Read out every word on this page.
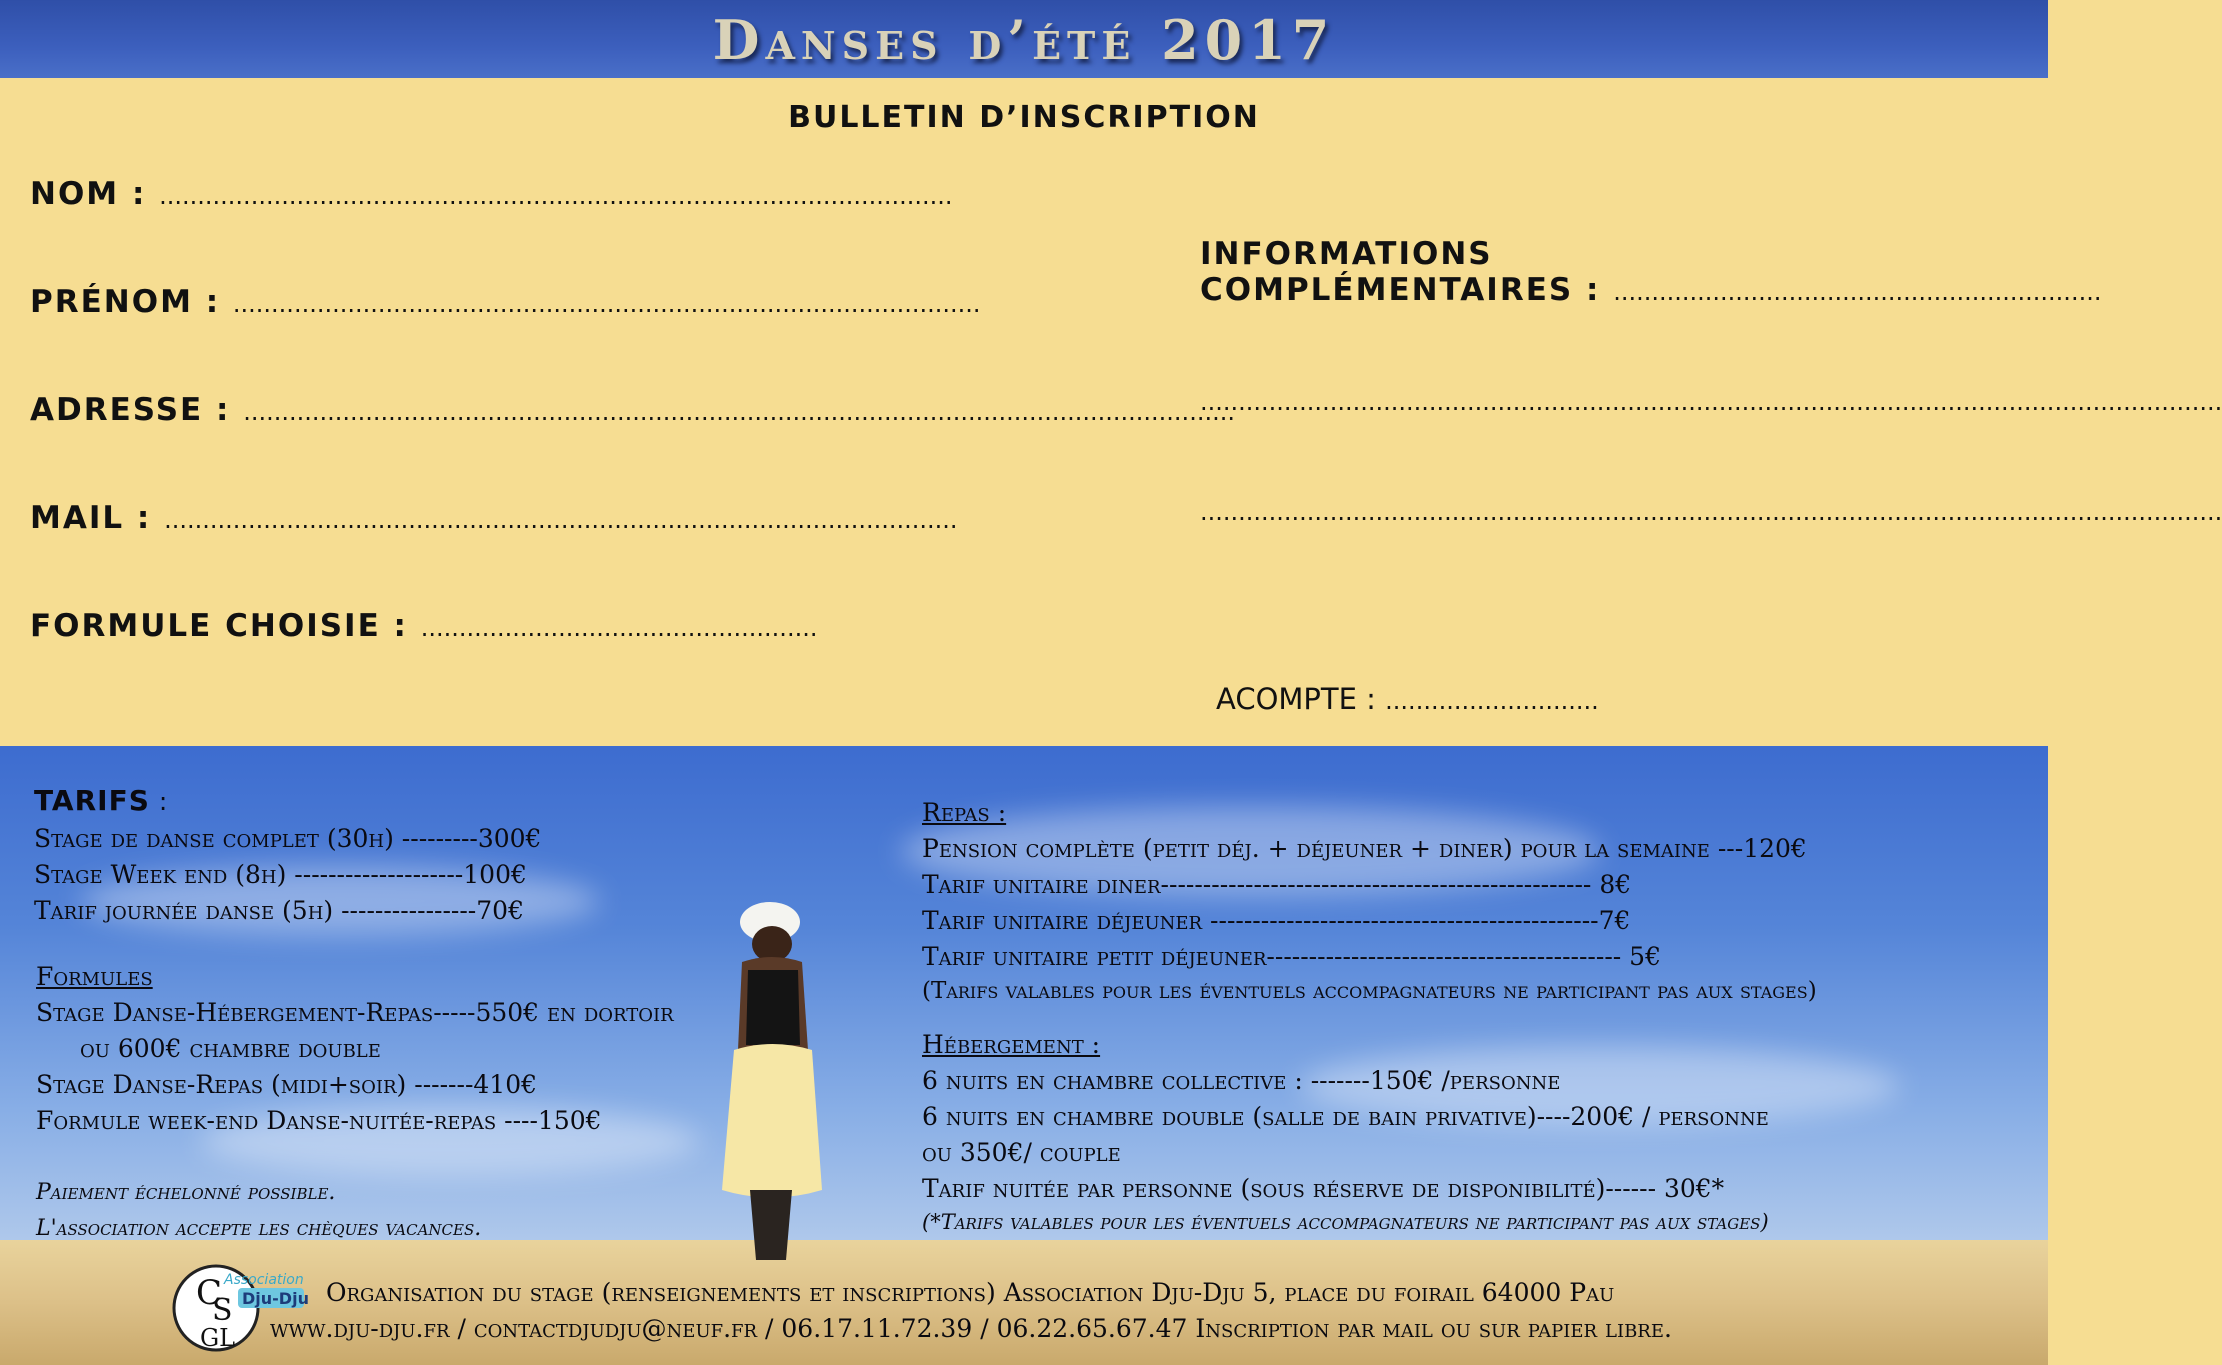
Danses d’été 2017
BULLETIN D’INSCRIPTION
NOM : ........................................................................................................
PRÉNOM : ..................................................................................................
ADRESSE : ..................................................................................................................................
MAIL : ........................................................................................................
FORMULE CHOISIE : ....................................................
INFORMATIONS
COMPLÉMENTAIRES : ................................................................
......................................................................................................................................
......................................................................................................................................
ACOMPTE : ............................
TARIFS :
Stage de danse complet (30h) ---------300€
Stage Week end (8h) --------------------100€
Tarif journée danse (5h) ----------------70€
Formules
Stage Danse-Hébergement-Repas-----550€ en dortoir
ou 600€ chambre double
Stage Danse-Repas (midi+soir) -------410€
Formule week-end Danse-nuitée-repas ----150€
Paiement échelonné possible.
L'association accepte les chèques vacances.
Repas :
Pension complète (petit déj. + déjeuner + diner) pour la semaine ---120€
Tarif unitaire diner--------------------------------------------------- 8€
Tarif unitaire déjeuner ----------------------------------------------7€
Tarif unitaire petit déjeuner------------------------------------------ 5€
(Tarifs valables pour les éventuels accompagnateurs ne participant pas aux stages)
Hébergement :
6 nuits en chambre collective : -------150€ /personne
6 nuits en chambre double (salle de bain privative)----200€ / personne
ou 350€/ couple
Tarif nuitée par personne (sous réserve de disponibilité)------ 30€*
(*Tarifs valables pour les éventuels accompagnateurs ne participant pas aux stages)
C
S
GL
Association
Dju-Dju Organisation du stage (renseignements et inscriptions) Association Dju-Dju 5, place du foirail 64000 Pau
www.dju-dju.fr / contactdjudju@neuf.fr / 06.17.11.72.39 / 06.22.65.67.47 Inscription par mail ou sur papier libre.
